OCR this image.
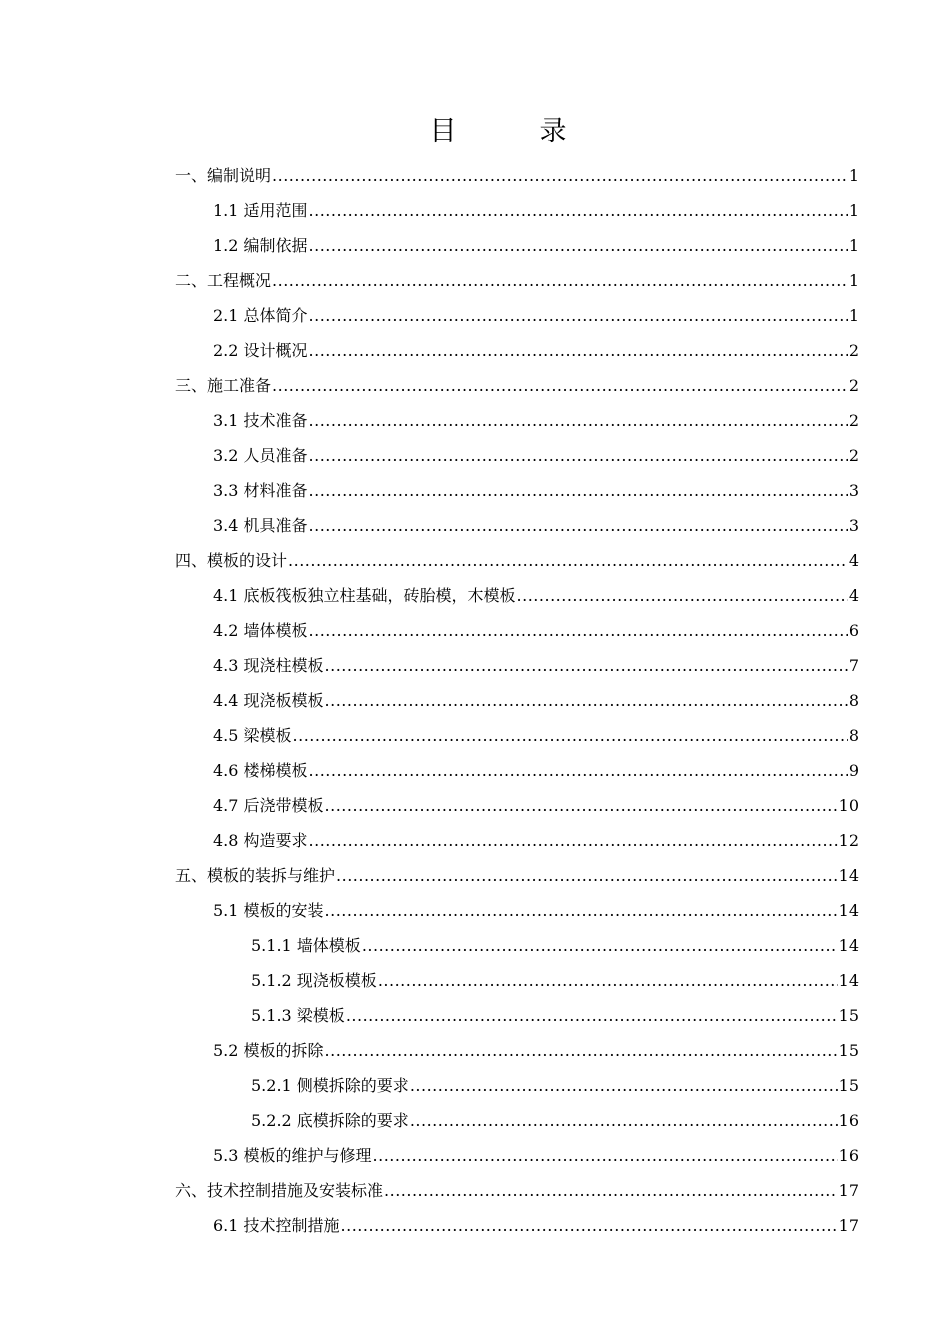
目　录
一、编制说明 .....	1
1.1 适用范围 .....	1
1.2 编制依据 .....	1
二、工程概况 .....	1
2.1 总体简介 .....	1
2.2 设计概况 .....	2
三、施工准备 .....	2
3.1 技术准备 .....	2
3.2 人员准备 .....	2
3.3 材料准备 .....	3
3.4 机具准备 .....	3
四、模板的设计 .....	4
4.1 底板筏板独立柱基础，砖胎模，木模板 .....	4
4.2 墙体模板 .....	6
4.3 现浇柱模板 .....	7
4.4 现浇板模板 .....	8
4.5 梁模板 .....	8
4.6 楼梯模板 .....	9
4.7 后浇带模板 .....	10
4.8 构造要求 .....	12
五、模板的装拆与维护 .....	14
5.1 模板的安装 .....	14
5.1.1 墙体模板 .....	14
5.1.2 现浇板模板 .....	14
5.1.3 梁模板 .....	15
5.2 模板的拆除 .....	15
5.2.1 侧模拆除的要求 .....	15
5.2.2 底模拆除的要求 .....	16
5.3 模板的维护与修理 .....	16
六、技术控制措施及安装标准 .....	17
6.1 技术控制措施 .....	17
